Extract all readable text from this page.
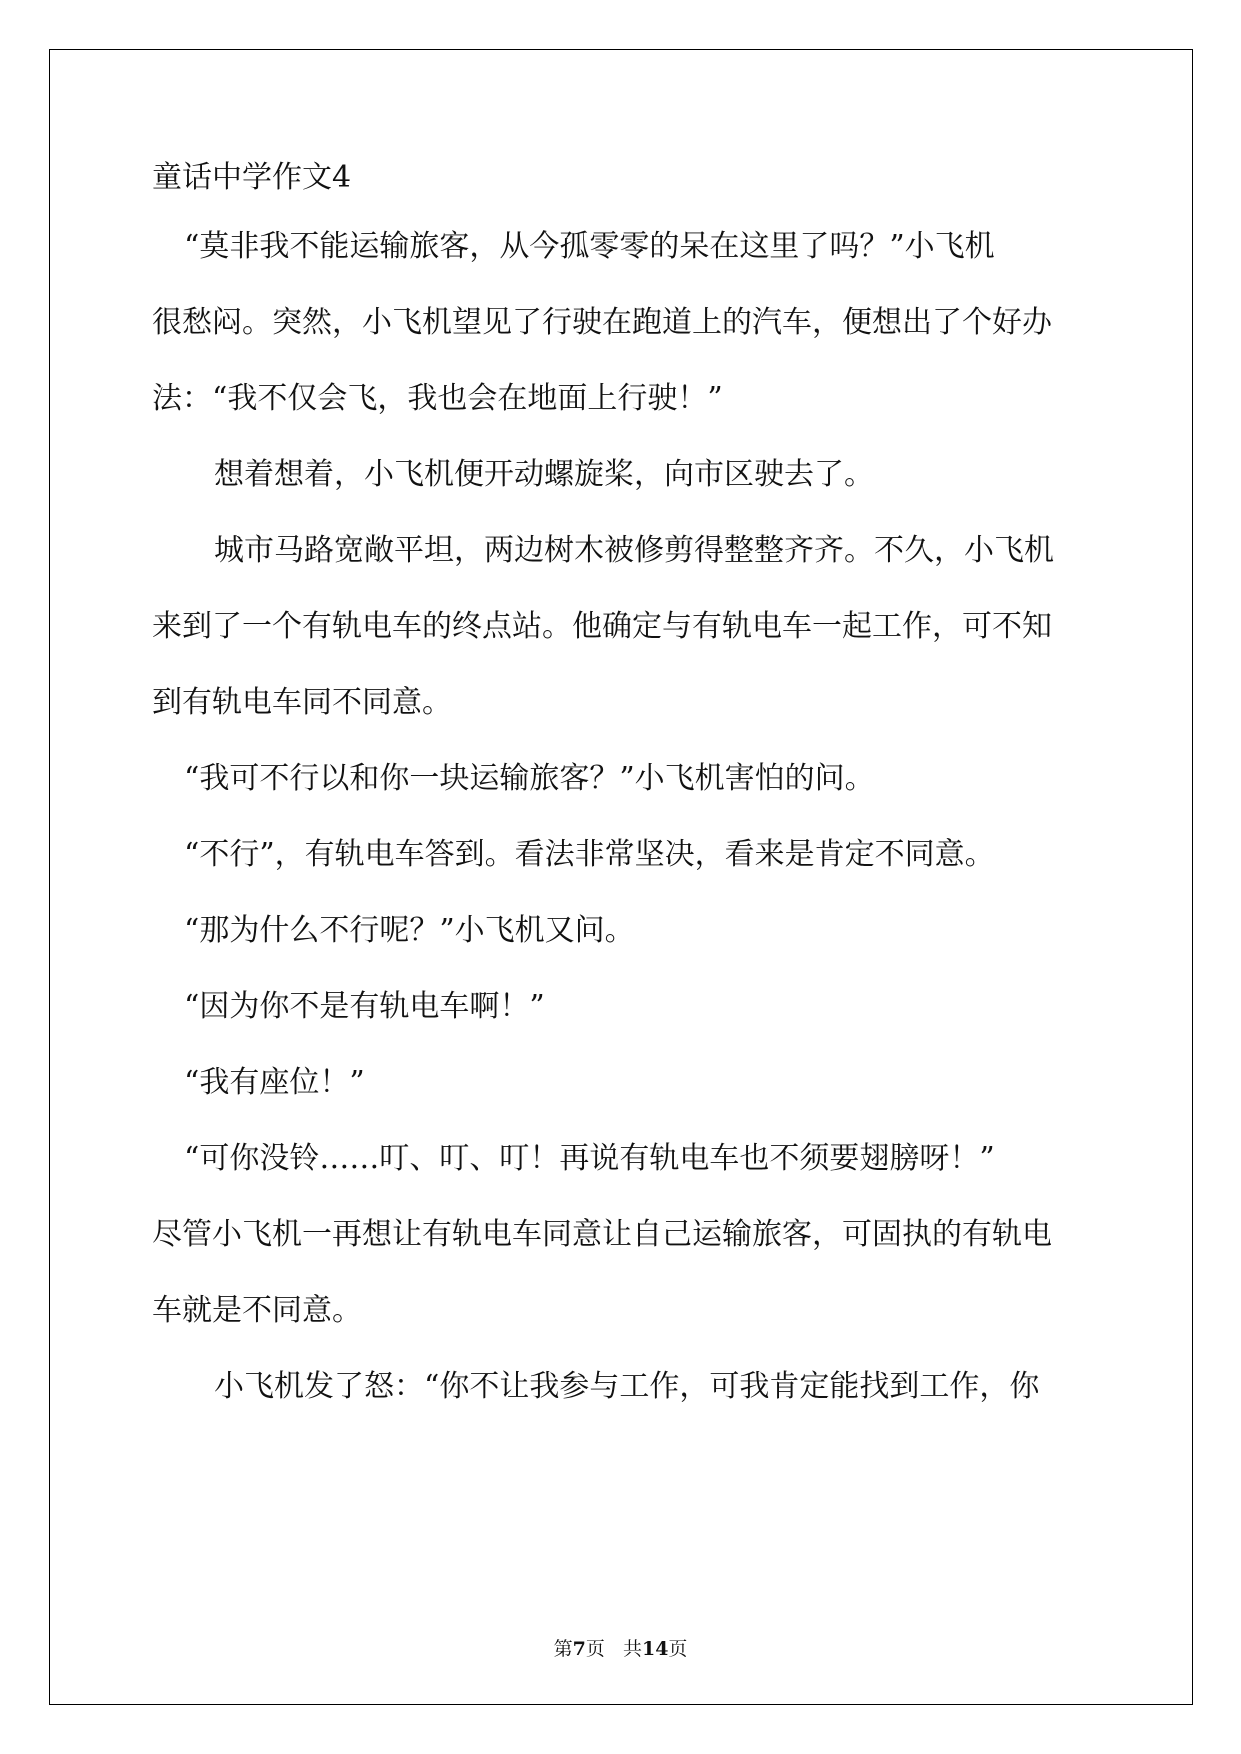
童话中学作文4
“莫非我不能运输旅客，从今孤零零的呆在这里了吗？”小飞机
很愁闷。突然，小飞机望见了行驶在跑道上的汽车，便想出了个好办
法：“我不仅会飞，我也会在地面上行驶！”
想着想着，小飞机便开动螺旋桨，向市区驶去了。
城市马路宽敞平坦，两边树木被修剪得整整齐齐。不久，小飞机
来到了一个有轨电车的终点站。他确定与有轨电车一起工作，可不知
到有轨电车同不同意。
“我可不行以和你一块运输旅客？”小飞机害怕的问。
“不行”，有轨电车答到。看法非常坚决，看来是肯定不同意。
“那为什么不行呢？”小飞机又问。
“因为你不是有轨电车啊！”
“我有座位！”
“可你没铃……叮、叮、叮！再说有轨电车也不须要翅膀呀！”
尽管小飞机一再想让有轨电车同意让自己运输旅客，可固执的有轨电
车就是不同意。
小飞机发了怒：“你不让我参与工作，可我肯定能找到工作，你
第7页 共14页
